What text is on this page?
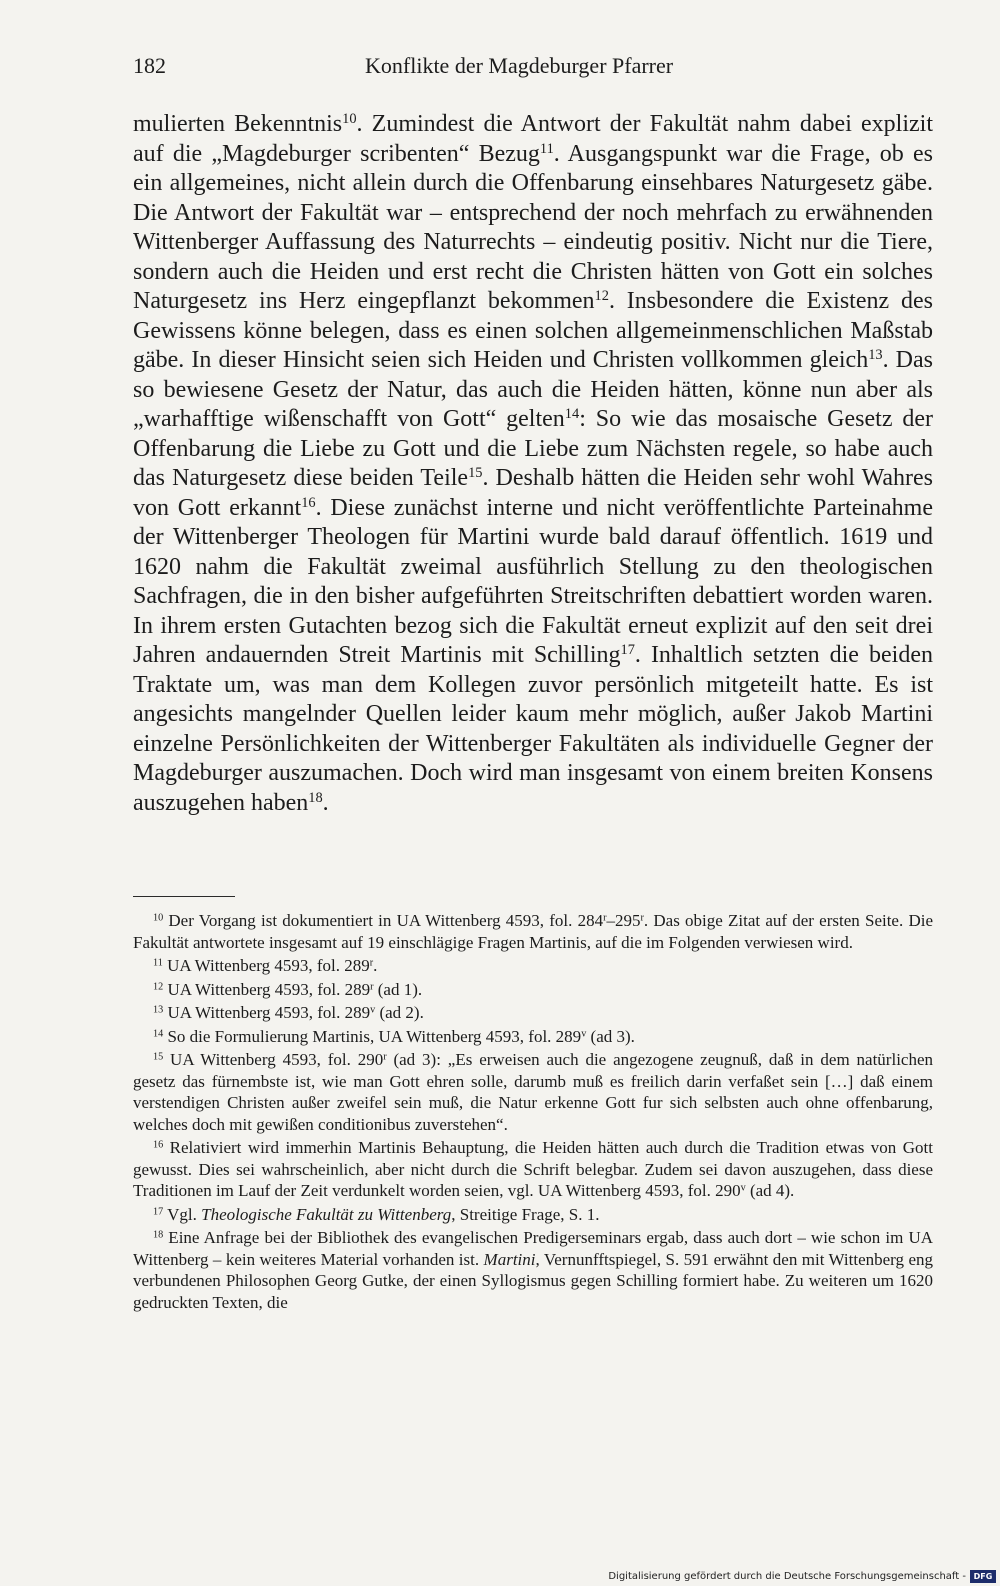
182	Konflikte der Magdeburger Pfarrer

mulierten Bekenntnis$^{10}$. Zumindest die Antwort der Fakultät nahm dabei explizit auf die „Magdeburger scribenten“ Bezug$^{11}$. Ausgangspunkt war die Frage, ob es ein allgemeines, nicht allein durch die Offenbarung einsehbares Naturgesetz gäbe. Die Antwort der Fakultät war – entsprechend der noch mehrfach zu erwähnenden Wittenberger Auffassung des Naturrechts – eindeutig positiv. Nicht nur die Tiere, sondern auch die Heiden und erst recht die Christen hätten von Gott ein solches Naturgesetz ins Herz eingepflanzt bekommen$^{12}$. Insbesondere die Existenz des Gewissens könne belegen, dass es einen solchen allgemeinmenschlichen Maßstab gäbe. In dieser Hinsicht seien sich Heiden und Christen vollkommen gleich$^{13}$. Das so bewiesene Gesetz der Natur, das auch die Heiden hätten, könne nun aber als „warhafftige wißenschafft von Gott“ gelten$^{14}$: So wie das mosaische Gesetz der Offenbarung die Liebe zu Gott und die Liebe zum Nächsten regele, so habe auch das Naturgesetz diese beiden Teile$^{15}$. Deshalb hätten die Heiden sehr wohl Wahres von Gott erkannt$^{16}$. Diese zunächst interne und nicht veröffentlichte Parteinahme der Wittenberger Theologen für Martini wurde bald darauf öffentlich. 1619 und 1620 nahm die Fakultät zweimal ausführlich Stellung zu den theologischen Sachfragen, die in den bisher aufgeführten Streitschriften debattiert worden waren. In ihrem ersten Gutachten bezog sich die Fakultät erneut explizit auf den seit drei Jahren andauernden Streit Martinis mit Schilling$^{17}$. Inhaltlich setzten die beiden Traktate um, was man dem Kollegen zuvor persönlich mitgeteilt hatte. Es ist angesichts mangelnder Quellen leider kaum mehr möglich, außer Jakob Martini einzelne Persönlichkeiten der Wittenberger Fakultäten als individuelle Gegner der Magdeburger auszumachen. Doch wird man insgesamt von einem breiten Konsens auszugehen haben$^{18}$.

$^{10}$ Der Vorgang ist dokumentiert in UA Wittenberg 4593, fol. 284$^r$–295$^r$. Das obige Zitat auf der ersten Seite. Die Fakultät antwortete insgesamt auf 19 einschlägige Fragen Martinis, auf die im Folgenden verwiesen wird.

$^{11}$ UA Wittenberg 4593, fol. 289$^r$.

$^{12}$ UA Wittenberg 4593, fol. 289$^r$ (ad 1).

$^{13}$ UA Wittenberg 4593, fol. 289$^v$ (ad 2).

$^{14}$ So die Formulierung Martinis, UA Wittenberg 4593, fol. 289$^v$ (ad 3).

$^{15}$ UA Wittenberg 4593, fol. 290$^r$ (ad 3): „Es erweisen auch die angezogene zeugnuß, daß in dem natürlichen gesetz das fürnembste ist, wie man Gott ehren solle, darumb muß es freilich darin verfaßet sein […] daß einem verstendigen Christen außer zweifel sein muß, die Natur erkenne Gott fur sich selbsten auch ohne offenbarung, welches doch mit gewißen conditionibus zuverstehen“.

$^{16}$ Relativiert wird immerhin Martinis Behauptung, die Heiden hätten auch durch die Tradition etwas von Gott gewusst. Dies sei wahrscheinlich, aber nicht durch die Schrift belegbar. Zudem sei davon auszugehen, dass diese Traditionen im Lauf der Zeit verdunkelt worden seien, vgl. UA Wittenberg 4593, fol. 290$^v$ (ad 4).

$^{17}$ Vgl. Theologische Fakultät zu Wittenberg, Streitige Frage, S. 1.

$^{18}$ Eine Anfrage bei der Bibliothek des evangelischen Predigerseminars ergab, dass auch dort – wie schon im UA Wittenberg – kein weiteres Material vorhanden ist. Martini, Vernunfftspiegel, S. 591 erwähnt den mit Wittenberg eng verbundenen Philosophen Georg Gutke, der einen Syllogismus gegen Schilling formiert habe. Zu weiteren um 1620 gedruckten Texten, die

Digitalisierung gefördert durch die Deutsche Forschungsgemeinschaft - DFG
